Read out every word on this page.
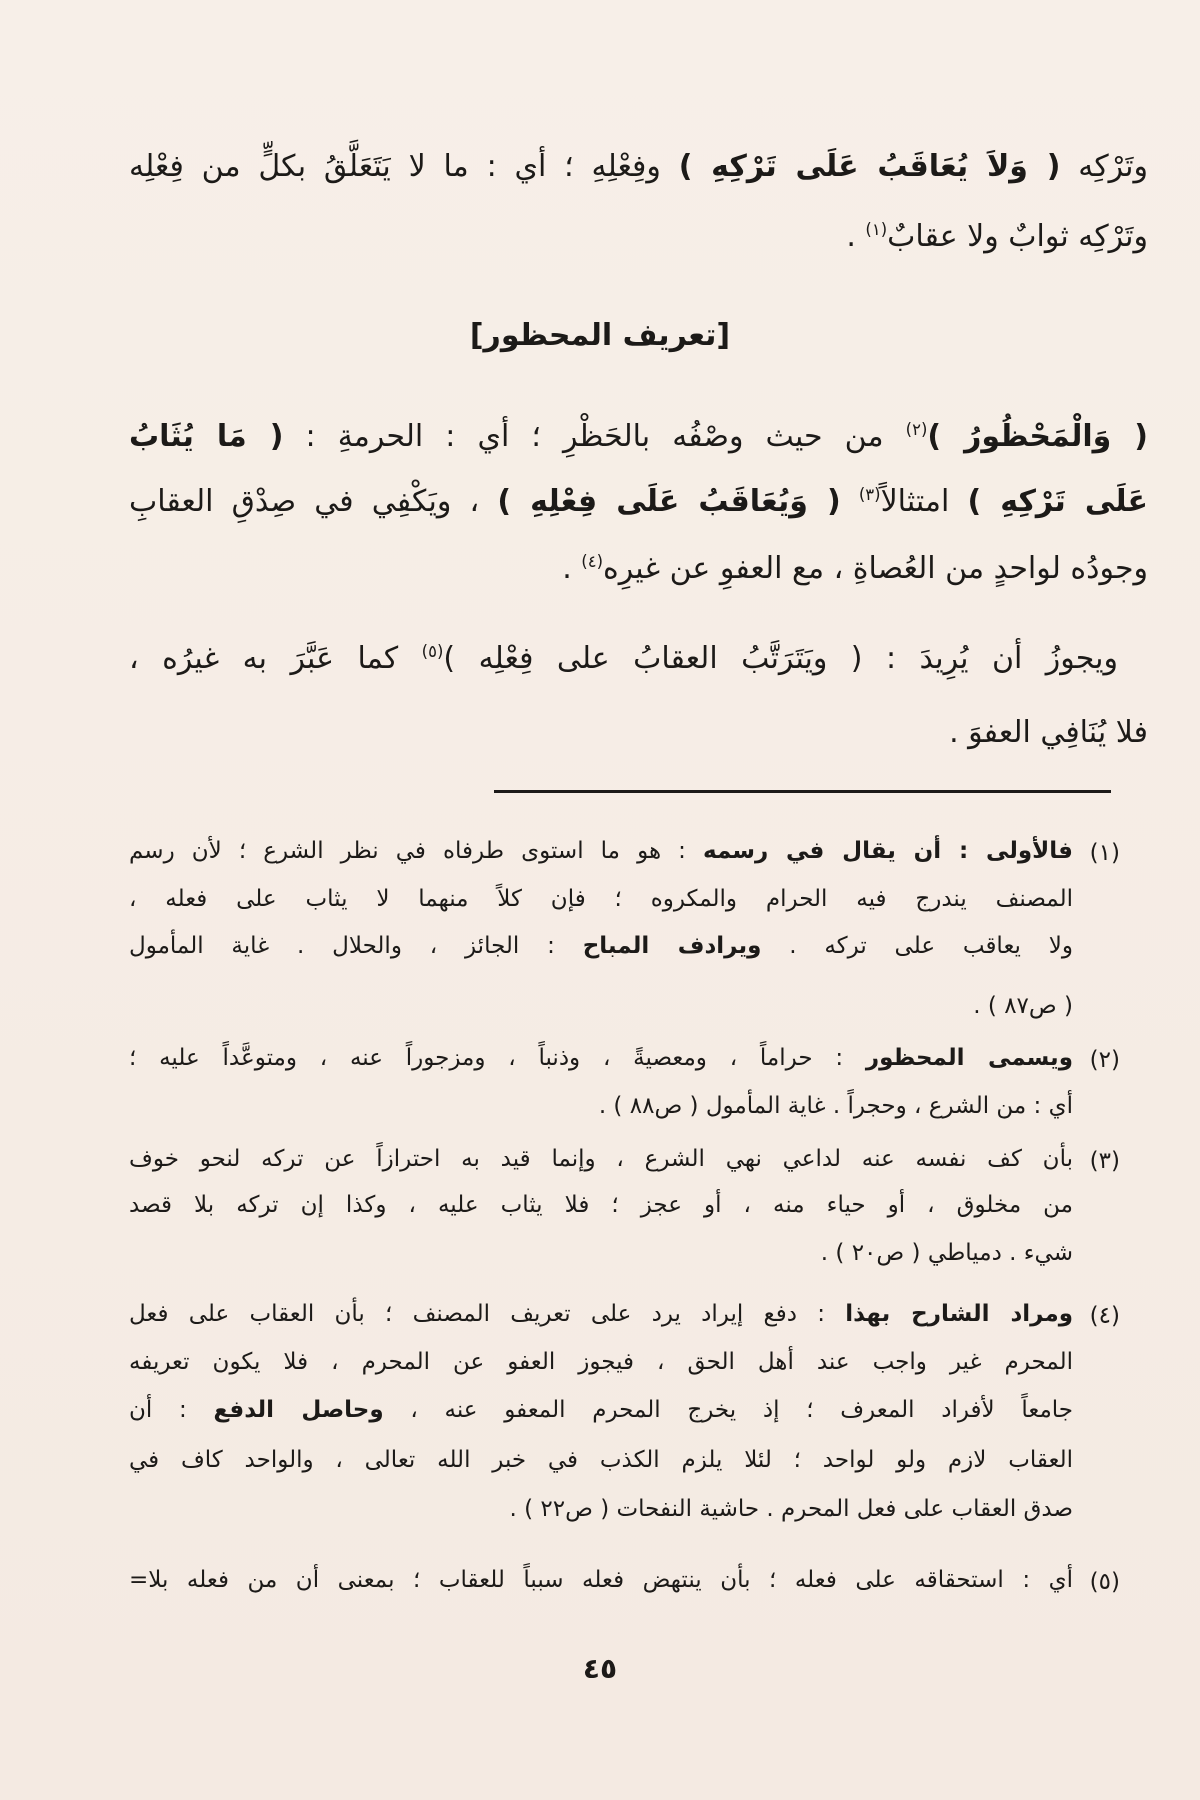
وتَرْكِه ( وَلاَ يُعَاقَبُ عَلَى تَرْكِهِ ) وفِعْلِهِ ؛ أي : ما لا يَتَعَلَّقُ بكلٍّ من فِعْلِه
وتَرْكِه ثوابٌ ولا عقابٌ$^{(١)}$ .
( وَالْمَحْظُورُ )$^{(٢)}$ من حيث وصْفُه بالحَظْرِ ؛ أي : الحرمةِ : ( مَا يُثَابُ
عَلَى تَرْكِهِ ) امتثالاً$^{(٣)}$ ( وَيُعَاقَبُ عَلَى فِعْلِهِ ) ، ويَكْفِي في صِدْقِ العقابِ
وجودُه لواحدٍ من العُصاةِ ، مع العفوِ عن غيرِه$^{(٤)}$ .
ويجوزُ أن يُرِيدَ : ( ويَتَرَتَّبُ العقابُ على فِعْلِه )$^{(٥)}$ كما عَبَّرَ به غيرُه ،
فلا يُنَافِي العفوَ .
[تعريف المحظور]
(١)
فالأولى : أن يقال في رسمه : هو ما استوى طرفاه في نظر الشرع ؛ لأن رسم
المصنف يندرج فيه الحرام والمكروه ؛ فإن كلاً منهما لا يثاب على فعله ،
ولا يعاقب على تركه . ويرادف المباح : الجائز ، والحلال . غاية المأمول
( ص٨٧ ) .
(٢)
ويسمى المحظور : حراماً ، ومعصيةً ، وذنباً ، ومزجوراً عنه ، ومتوعَّداً عليه ؛
أي : من الشرع ، وحجراً . غاية المأمول ( ص٨٨ ) .
(٣)
بأن كف نفسه عنه لداعي نهي الشرع ، وإنما قيد به احترازاً عن تركه لنحو خوف
من مخلوق ، أو حياء منه ، أو عجز ؛ فلا يثاب عليه ، وكذا إن تركه بلا قصد
شيء . دمياطي ( ص٢٠ ) .
(٤)
ومراد الشارح بهذا : دفع إيراد يرد على تعريف المصنف ؛ بأن العقاب على فعل
المحرم غير واجب عند أهل الحق ، فيجوز العفو عن المحرم ، فلا يكون تعريفه
جامعاً لأفراد المعرف ؛ إذ يخرج المحرم المعفو عنه ، وحاصل الدفع : أن
العقاب لازم ولو لواحد ؛ لئلا يلزم الكذب في خبر الله تعالى ، والواحد كاف في
صدق العقاب على فعل المحرم . حاشية النفحات ( ص٢٢ ) .
(٥)
أي : استحقاقه على فعله ؛ بأن ينتهض فعله سبباً للعقاب ؛ بمعنى أن من فعله بلا=
٤٥
